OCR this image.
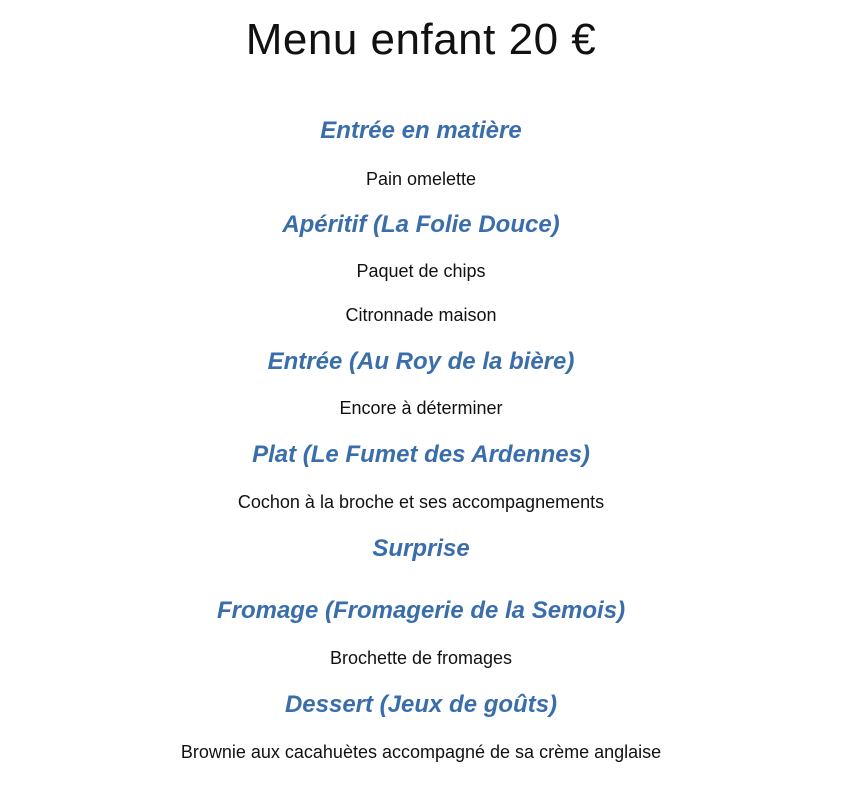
Menu enfant 20 €
Entrée en matière

Pain omelette

Apéritif (La Folie Douce)

Paquet de chips

Citronnade maison

Entrée (Au Roy de la bière)

Encore à déterminer

Plat (Le Fumet des Ardennes)

Cochon à la broche et ses accompagnements

Surprise
Fromage (Fromagerie de la Semois)

Brochette de fromages

Dessert (Jeux de goûts)

Brownie aux cacahuètes accompagné de sa crème anglaise
